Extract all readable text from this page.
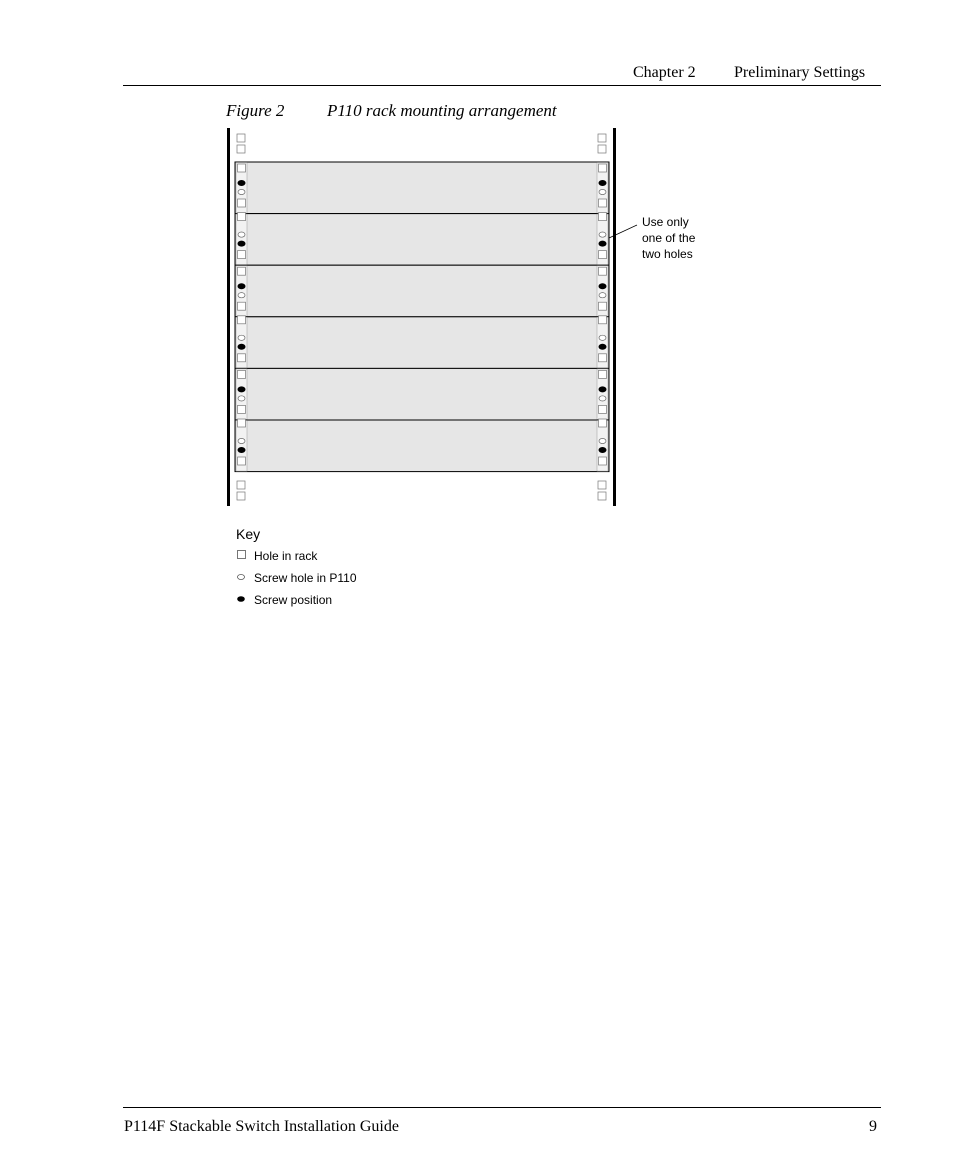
Chapter 2 Preliminary Settings
Figure 2	P110 rack mounting arrangement
Use only
one of the
two holes
Key
Hole in rack
Screw hole in P110
Screw position
P114F Stackable Switch Installation Guide	9
